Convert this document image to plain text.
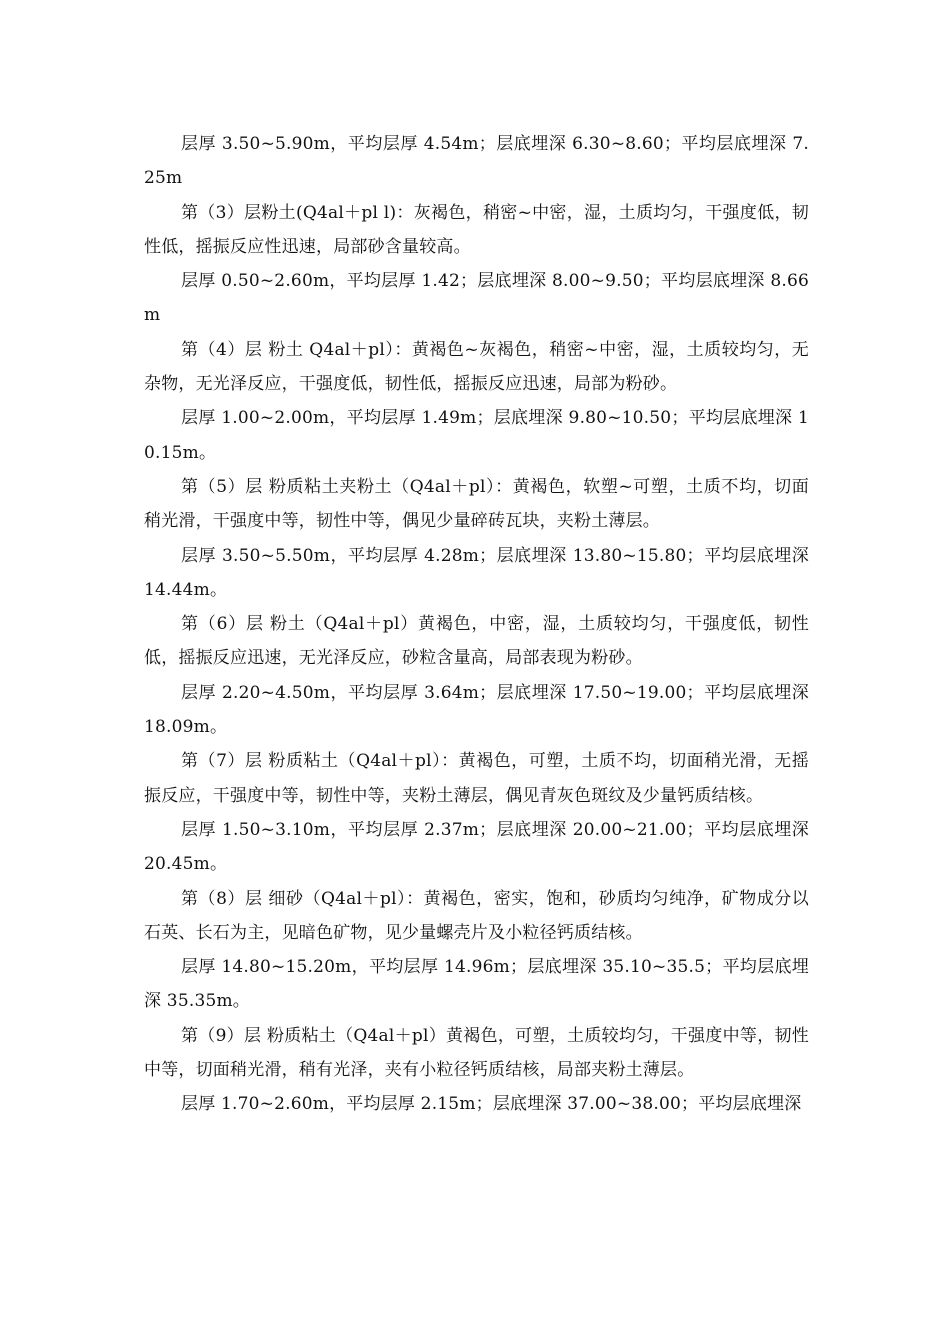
层厚 3.50~5.90m，平均层厚 4.54m；层底埋深 6.30~8.60；平均层底埋深 7.25m

第（3）层粉土(Q4al＋pl l)：灰褐色，稍密~中密，湿，土质均匀，干强度低，韧性低，摇振反应性迅速，局部砂含量较高。

层厚 0.50~2.60m，平均层厚 1.42；层底埋深 8.00~9.50；平均层底埋深 8.66m

第（4）层 粉土 Q4al＋pl）：黄褐色~灰褐色，稍密~中密，湿，土质较均匀，无杂物，无光泽反应，干强度低，韧性低，摇振反应迅速，局部为粉砂。

层厚 1.00~2.00m，平均层厚 1.49m；层底埋深 9.80~10.50；平均层底埋深 10.15m。

第（5）层 粉质粘土夹粉土（Q4al＋pl）：黄褐色，软塑~可塑，土质不均，切面稍光滑，干强度中等，韧性中等，偶见少量碎砖瓦块，夹粉土薄层。

层厚 3.50~5.50m，平均层厚 4.28m；层底埋深 13.80~15.80；平均层底埋深 14.44m。

第（6）层 粉土（Q4al＋pl）黄褐色，中密，湿，土质较均匀，干强度低，韧性低，摇振反应迅速，无光泽反应，砂粒含量高，局部表现为粉砂。

层厚 2.20~4.50m，平均层厚 3.64m；层底埋深 17.50~19.00；平均层底埋深 18.09m。

第（7）层 粉质粘土（Q4al＋pl）：黄褐色，可塑，土质不均，切面稍光滑，无摇振反应，干强度中等，韧性中等，夹粉土薄层，偶见青灰色斑纹及少量钙质结核。

层厚 1.50~3.10m，平均层厚 2.37m；层底埋深 20.00~21.00；平均层底埋深 20.45m。

第（8）层 细砂（Q4al＋pl）：黄褐色，密实，饱和，砂质均匀纯净，矿物成分以石英、长石为主，见暗色矿物，见少量螺壳片及小粒径钙质结核。

层厚 14.80~15.20m，平均层厚 14.96m；层底埋深 35.10~35.5；平均层底埋深 35.35m。

第（9）层 粉质粘土（Q4al＋pl）黄褐色，可塑，土质较均匀，干强度中等，韧性中等，切面稍光滑，稍有光泽，夹有小粒径钙质结核，局部夹粉土薄层。

层厚 1.70~2.60m，平均层厚 2.15m；层底埋深 37.00~38.00；平均层底埋深
